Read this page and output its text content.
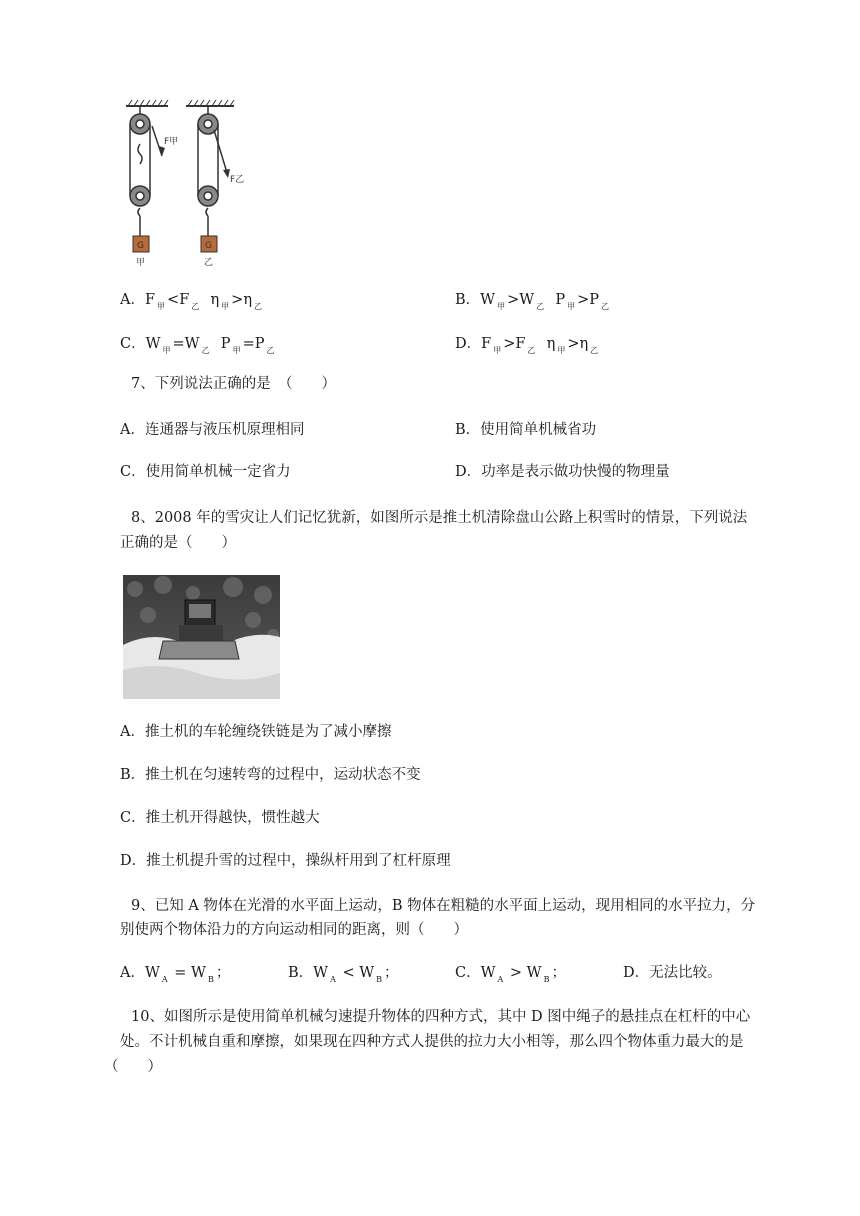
F甲
G
甲
F乙
G
乙
A．F $_甲$ <F $_乙$  η $_甲$ >η $_乙$	B．W $_甲$ >W $_乙$  P $_甲$ >P $_乙$
C．W $_甲$ =W $_乙$  P $_甲$ =P $_乙$	D．F $_甲$ >F $_乙$  η $_甲$ >η $_乙$
7、下列说法正确的是　（　　）
A．连通器与液压机原理相同	B．使用简单机械省功
C．使用简单机械一定省力	D．功率是表示做功快慢的物理量
8、2008 年的雪灾让人们记忆犹新，如图所示是推土机清除盘山公路上积雪时的情景，下列说法
正确的是（　　）
A．推土机的车轮缠绕铁链是为了减小摩擦
B．推土机在匀速转弯的过程中，运动状态不变
C．推土机开得越快，惯性越大
D．推土机提升雪的过程中，操纵杆用到了杠杆原理
9、已知 A 物体在光滑的水平面上运动，B 物体在粗糙的水平面上运动，现用相同的水平拉力，分
别使两个物体沿力的方向运动相同的距离，则（　　）
A．W $_A$ = W $_B$ ；	B．W $_A$ < W $_B$ ；	C．W $_A$ > W $_B$ ；	D．无法比较。
10、如图所示是使用简单机械匀速提升物体的四种方式，其中 D 图中绳子的悬挂点在杠杆的中心
处。不计机械自重和摩擦，如果现在四种方式人提供的拉力大小相等，那么四个物体重力最大的是
（　　）
